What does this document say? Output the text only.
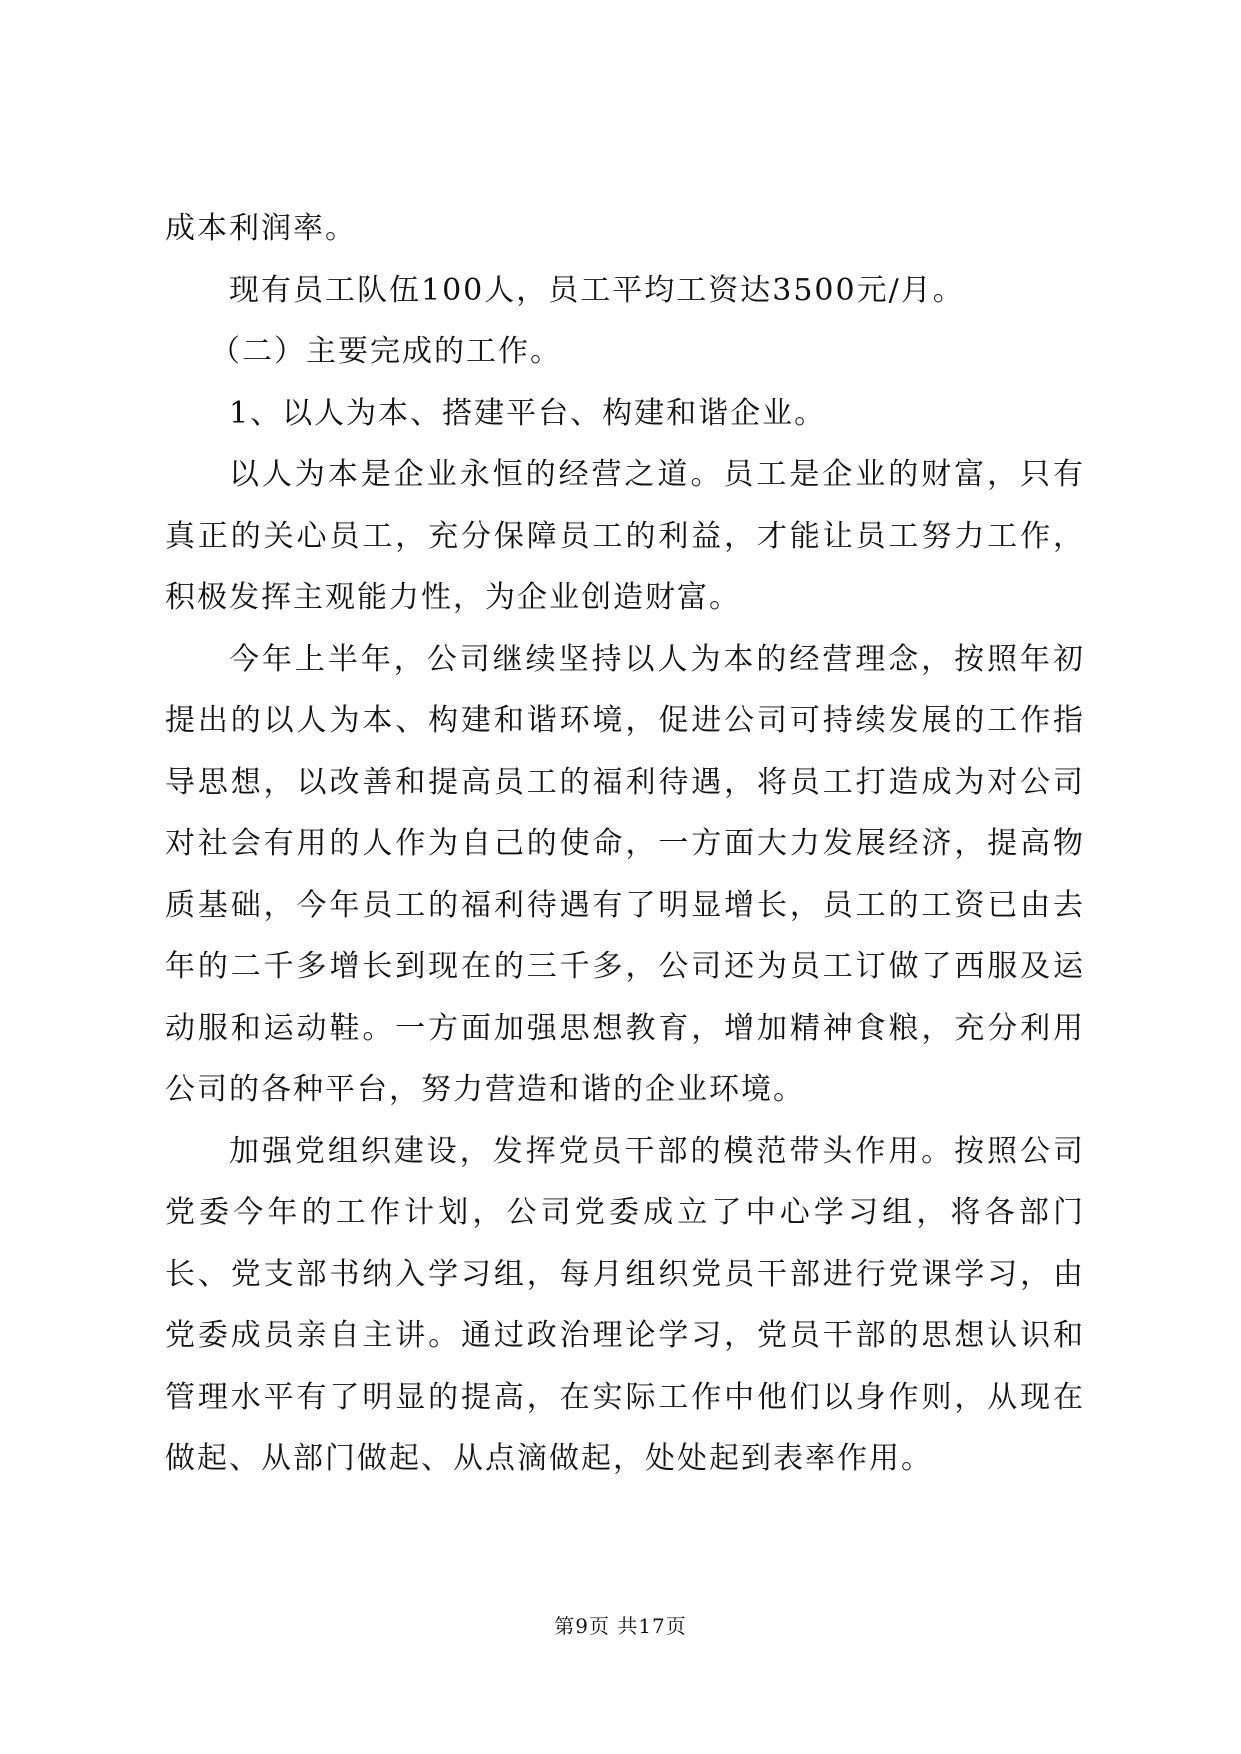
成本利润率。

现有员工队伍100人，员工平均工资达3500元/月。

（二）主要完成的工作。

1、以人为本、搭建平台、构建和谐企业。

以人为本是企业永恒的经营之道。员工是企业的财富，只有真正的关心员工，充分保障员工的利益，才能让员工努力工作，积极发挥主观能力性，为企业创造财富。

今年上半年，公司继续坚持以人为本的经营理念，按照年初提出的以人为本、构建和谐环境，促进公司可持续发展的工作指导思想，以改善和提高员工的福利待遇，将员工打造成为对公司对社会有用的人作为自己的使命，一方面大力发展经济，提高物质基础，今年员工的福利待遇有了明显增长，员工的工资已由去年的二千多增长到现在的三千多，公司还为员工订做了西服及运动服和运动鞋。一方面加强思想教育，增加精神食粮，充分利用公司的各种平台，努力营造和谐的企业环境。

加强党组织建设，发挥党员干部的模范带头作用。按照公司党委今年的工作计划，公司党委成立了中心学习组，将各部门长、党支部书纳入学习组，每月组织党员干部进行党课学习，由党委成员亲自主讲。通过政治理论学习，党员干部的思想认识和管理水平有了明显的提高，在实际工作中他们以身作则，从现在做起、从部门做起、从点滴做起，处处起到表率作用。

第9页 共17页
